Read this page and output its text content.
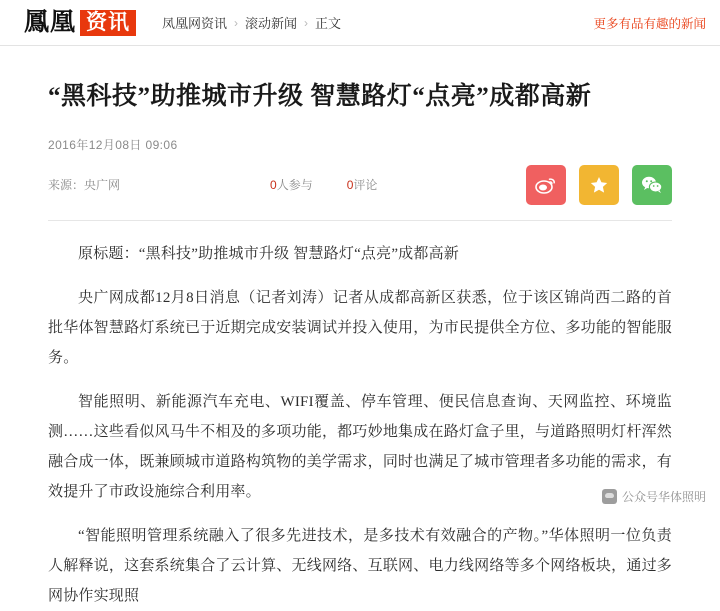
鳳凰 资讯	凤凰网资讯 › 滚动新闻 › 正文	更多有品有趣的新闻
“黑科技”助推城市升级 智慧路灯“点亮”成都高新
2016年12月08日 09:06
来源：央广网	0人参与	0评论

原标题：“黑科技”助推城市升级 智慧路灯“点亮”成都高新

央广网成都12月8日消息（记者刘涛）记者从成都高新区获悉，位于该区锦尚西二路的首批华体智慧路灯系统已于近期完成安装调试并投入使用，为市民提供全方位、多功能的智能服务。

智能照明、新能源汽车充电、WIFI覆盖、停车管理、便民信息查询、天网监控、环境监测……这些看似风马牛不相及的多项功能，都巧妙地集成在路灯盒子里，与道路照明灯杆浑然融合成一体，既兼顾城市道路构筑物的美学需求，同时也满足了城市管理者多功能的需求，有效提升了市政设施综合利用率。

“智能照明管理系统融入了很多先进技术，是多技术有效融合的产物。”华体照明一位负责人解释说，这套系统集合了云计算、无线网络、互联网、电力线网络等多个网络板块，通过多网协作实现照

公众号华体照明
